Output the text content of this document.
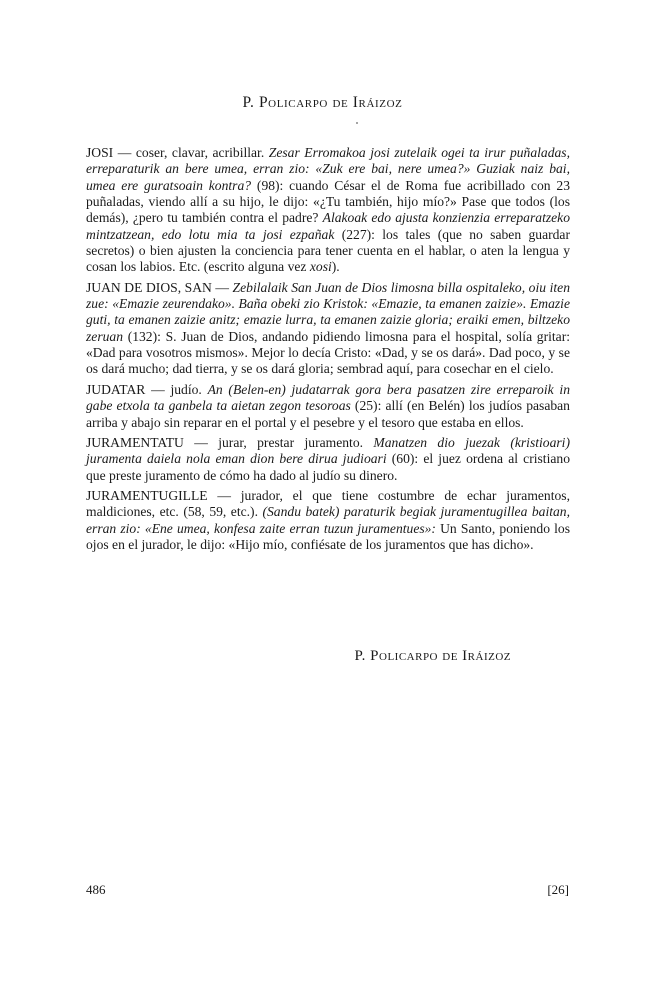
P. Policarpo de Iráizoz

JOSI — coser, clavar, acribillar. Zesar Erromakoa josi zutelaik ogei ta irur puñaladas, erreparaturik an bere umea, erran zio: «Zuk ere bai, nere umea?» Guziak naiz bai, umea ere guratsoain kontra? (98): cuando César el de Roma fue acribillado con 23 puñaladas, viendo allí a su hijo, le dijo: «¿Tu también, hijo mío?» Pase que todos (los demás), ¿pero tu también contra el padre? Alakoak edo ajusta konzienzia erreparatzeko mintzatzean, edo lotu mia ta josi ezpañak (227): los tales (que no saben guardar secretos) o bien ajusten la conciencia para tener cuenta en el hablar, o aten la lengua y cosan los labios. Etc. (escrito alguna vez xosi).

JUAN DE DIOS, SAN — Zebilalaik San Juan de Dios limosna billa ospitaleko, oiu iten zue: «Emazie zeurendako». Baña obeki zio Kristok: «Emazie, ta emanen zaizie». Emazie guti, ta emanen zaizie anitz; emazie lurra, ta emanen zaizie gloria; eraiki emen, biltzeko zeruan (132): S. Juan de Dios, andando pidiendo limosna para el hospital, solía gritar: «Dad para vosotros mismos». Mejor lo decía Cristo: «Dad, y se os dará». Dad poco, y se os dará mucho; dad tierra, y se os dará gloria; sembrad aquí, para cosechar en el cielo.

JUDATAR — judío. An (Belen-en) judatarrak gora bera pasatzen zire erreparoik in gabe etxola ta ganbela ta aietan zegon tesoroas (25): allí (en Belén) los judíos pasaban arriba y abajo sin reparar en el portal y el pesebre y el tesoro que estaba en ellos.

JURAMENTATU — jurar, prestar juramento. Manatzen dio juezak (kristioari) juramenta daiela nola eman dion bere dirua judioari (60): el juez ordena al cristiano que preste juramento de cómo ha dado al judío su dinero.

JURAMENTUGILLE — jurador, el que tiene costumbre de echar juramentos, maldiciones, etc. (58, 59, etc.). (Sandu batek) paraturik begiak juramentugillea baitan, erran zio: «Ene umea, konfesa zaite erran tuzun juramentues»: Un Santo, poniendo los ojos en el jurador, le dijo: «Hijo mío, confiésate de los juramentos que has dicho».

P. Policarpo de Iráizoz
486	[26]
